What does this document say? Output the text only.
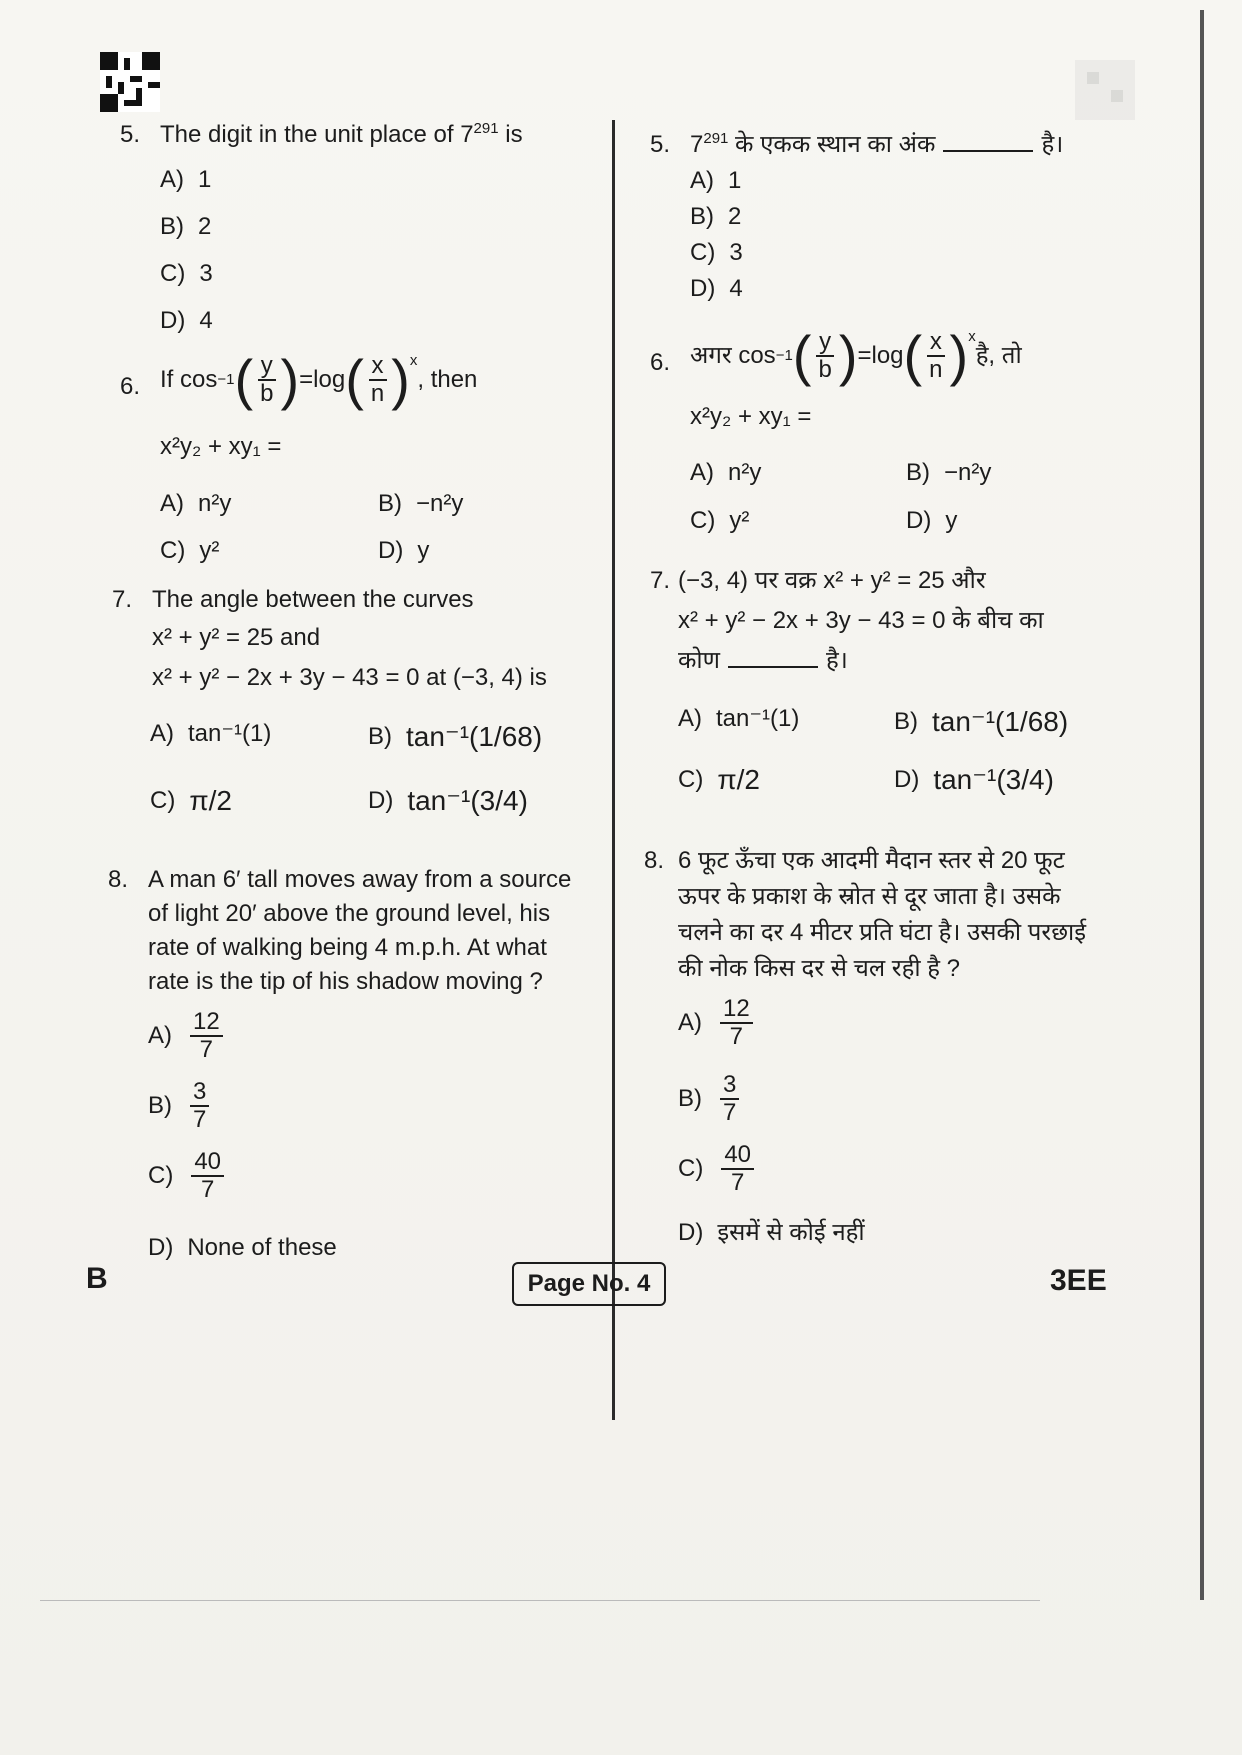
5. The digit in the unit place of $7^{291}$ is
A) 1
B) 2
C) 3
D) 4
6. If cos −1 ( $\frac{y}{b}$ ) =log ( $\frac{x}{n} )^x$
, then
x²y₂ + xy₁ =
A) n²y	B) −n²y
C) y²	D) y
7. The angle between the curves
x² + y² = 25 and
x² + y² − 2x + 3y − 43 = 0 at (−3, 4) is
A) tan⁻¹(1)	B) tan⁻¹(1/68)
C) π/2	D) tan⁻¹(3/4)
8. A man 6′ tall moves away from a source
of light 20′ above the ground level, his
rate of walking being 4 m.p.h. At what
rate is the tip of his shadow moving ?
$A) \frac{12}{7}$
$B) \frac{3}{7}$
$C) \frac{40}{7}$
D) None of these
5. $7^{291}$ के एकक स्थान का अंक	है।
A) 1
B) 2
C) 3
D) 4
6. अगर cos −1 ( $\frac{y}{b}$ ) =log ( $\frac{x}{n} )^x$
है, तो
x²y₂ + xy₁ =
A) n²y	B) −n²y
C) y²	D) y
7. (−3, 4) पर वक्र x² + y² = 25 और
x² + y² − 2x + 3y − 43 = 0 के बीच का
कोण	है।
A) tan⁻¹(1)	B) tan⁻¹(1/68)
C) π/2	D) tan⁻¹(3/4)
8. 6 फूट ऊँचा एक आदमी मैदान स्तर से 20 फूट
ऊपर के प्रकाश के स्रोत से दूर जाता है। उसके
चलने का दर 4 मीटर प्रति घंटा है। उसकी परछाई
की नोक किस दर से चल रही है ?
$A) \frac{12}{7}$
$B) \frac{3}{7}$
$C) \frac{40}{7}$
D) इसमें से कोई नहीं
B	Page No. 4	3EE
